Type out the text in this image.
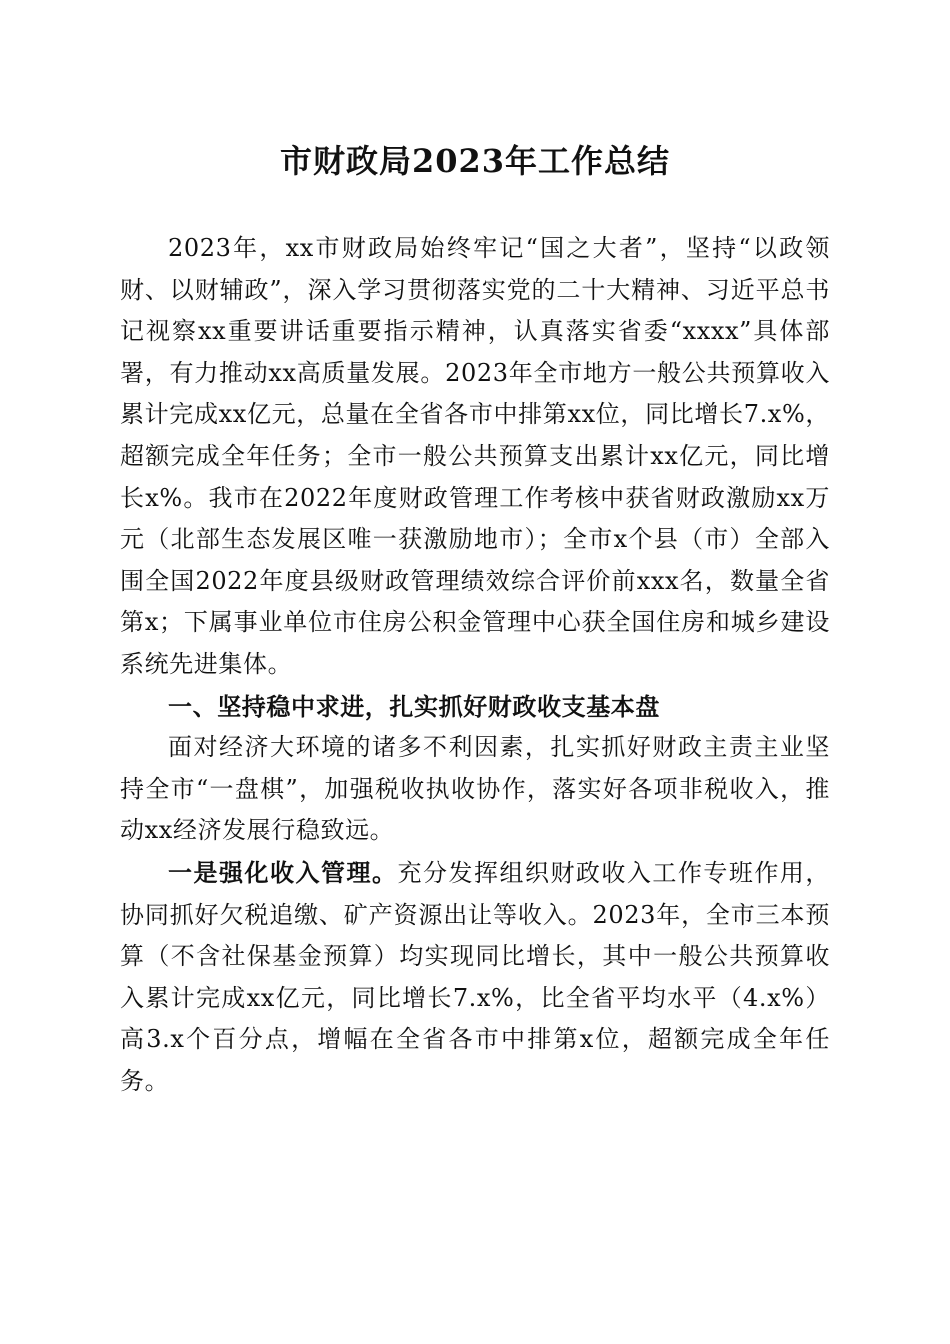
市财政局2023年工作总结

2023年，xx市财政局始终牢记“国之大者”，坚持“以政领财、以财辅政”，深入学习贯彻落实党的二十大精神、习近平总书记视察xx重要讲话重要指示精神，认真落实省委“xxxx”具体部署，有力推动xx高质量发展。2023年全市地方一般公共预算收入累计完成xx亿元，总量在全省各市中排第xx位，同比增长7.x%，超额完成全年任务；全市一般公共预算支出累计xx亿元，同比增长x%。我市在2022年度财政管理工作考核中获省财政激励xx万元（北部生态发展区唯一获激励地市）；全市x个县（市）全部入围全国2022年度县级财政管理绩效综合评价前xxx名，数量全省第x；下属事业单位市住房公积金管理中心获全国住房和城乡建设系统先进集体。

一、坚持稳中求进，扎实抓好财政收支基本盘

面对经济大环境的诸多不利因素，扎实抓好财政主责主业坚持全市“一盘棋”，加强税收执收协作，落实好各项非税收入，推动xx经济发展行稳致远。

一是强化收入管理。充分发挥组织财政收入工作专班作用，协同抓好欠税追缴、矿产资源出让等收入。2023年，全市三本预算（不含社保基金预算）均实现同比增长，其中一般公共预算收入累计完成xx亿元，同比增长7.x%，比全省平均水平（4.x%）高3.x个百分点，增幅在全省各市中排第x位，超额完成全年任务。
